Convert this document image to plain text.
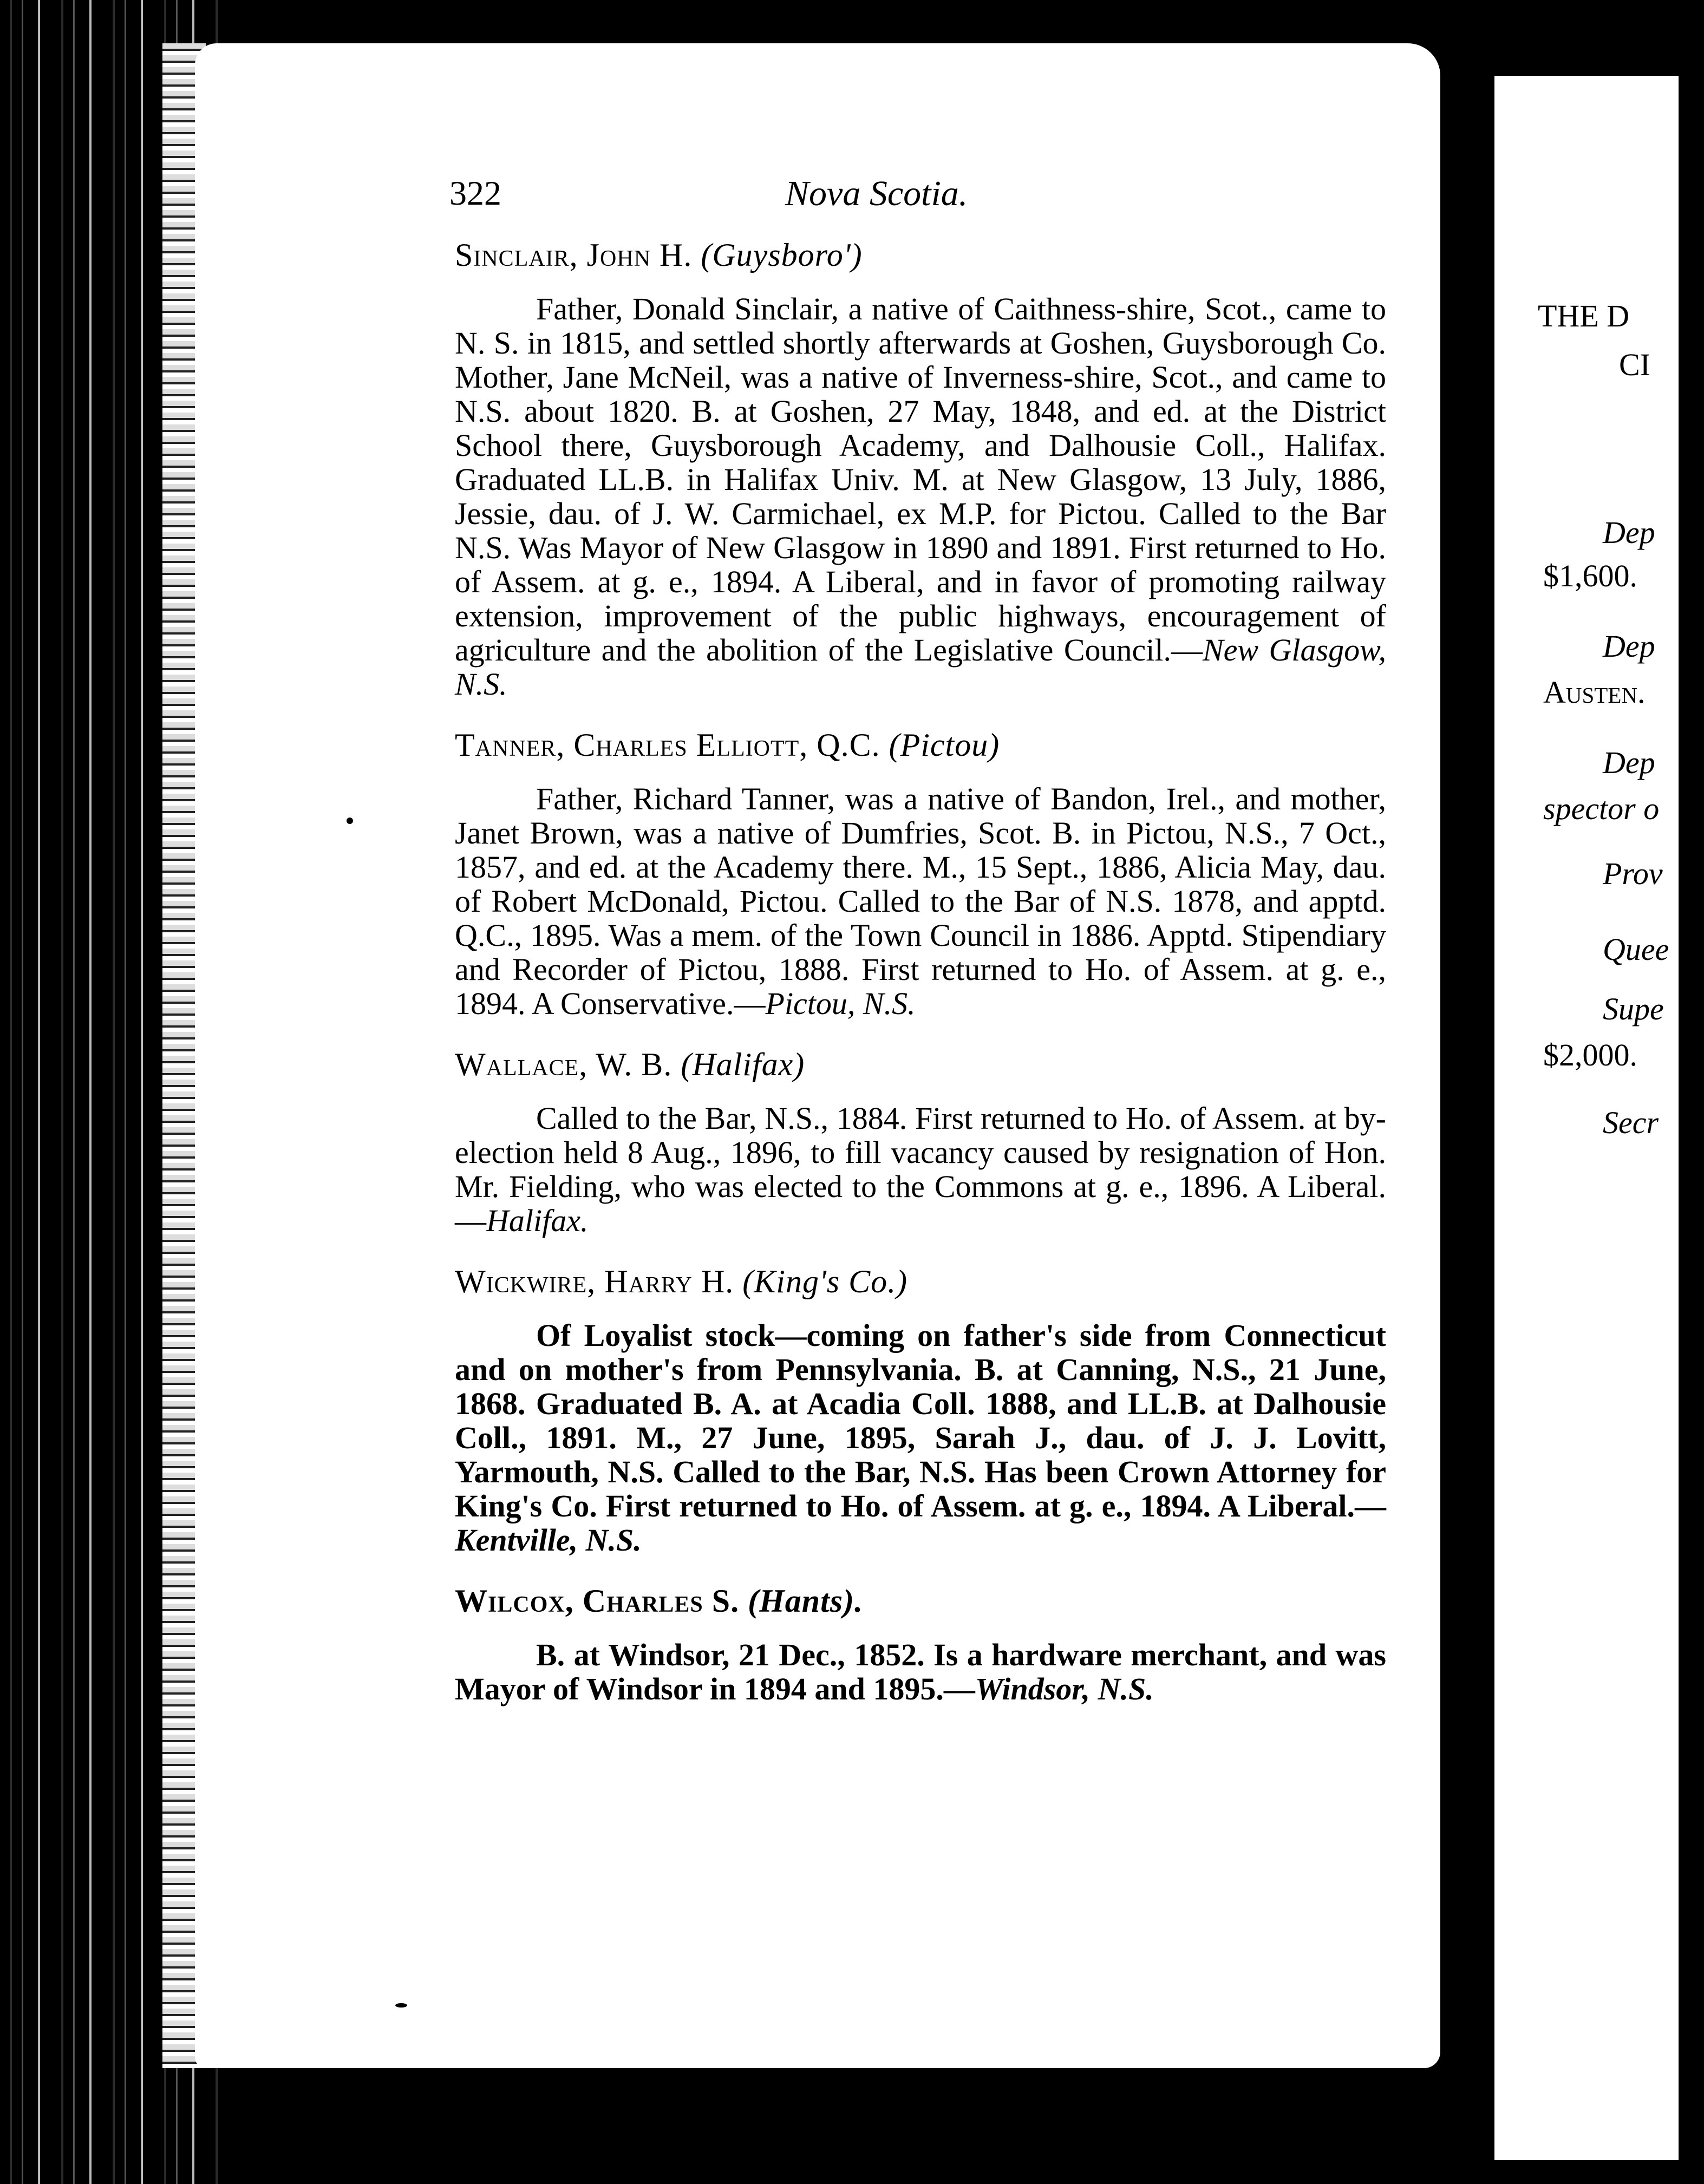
322	Nova Scotia.

Sinclair, John H. (Guysboro')

Father, Donald Sinclair, a native of Caithness-shire, Scot., came to N. S. in 1815, and settled shortly afterwards at Goshen, Guysborough Co. Mother, Jane McNeil, was a native of Inverness-shire, Scot., and came to N.S. about 1820. B. at Goshen, 27 May, 1848, and ed. at the District School there, Guysborough Academy, and Dalhousie Coll., Halifax. Graduated LL.B. in Halifax Univ. M. at New Glasgow, 13 July, 1886, Jessie, dau. of J. W. Carmichael, ex M.P. for Pictou. Called to the Bar N.S. Was Mayor of New Glasgow in 1890 and 1891. First returned to Ho. of Assem. at g. e., 1894. A Liberal, and in favor of promoting railway extension, improvement of the public highways, encouragement of agriculture and the abolition of the Legislative Council.—New Glasgow, N.S.

Tanner, Charles Elliott, Q.C. (Pictou)

Father, Richard Tanner, was a native of Bandon, Irel., and mother, Janet Brown, was a native of Dumfries, Scot. B. in Pictou, N.S., 7 Oct., 1857, and ed. at the Academy there. M., 15 Sept., 1886, Alicia May, dau. of Robert McDonald, Pictou. Called to the Bar of N.S. 1878, and apptd. Q.C., 1895. Was a mem. of the Town Council in 1886. Apptd. Stipendiary and Recorder of Pictou, 1888. First returned to Ho. of Assem. at g. e., 1894. A Conservative.—Pictou, N.S.

Wallace, W. B. (Halifax)

Called to the Bar, N.S., 1884. First returned to Ho. of Assem. at by-election held 8 Aug., 1896, to fill vacancy caused by resignation of Hon. Mr. Fielding, who was elected to the Commons at g. e., 1896. A Liberal.—Halifax.

Wickwire, Harry H. (King's Co.)

Of Loyalist stock—coming on father's side from Connecticut and on mother's from Pennsylvania. B. at Canning, N.S., 21 June, 1868. Graduated B. A. at Acadia Coll. 1888, and LL.B. at Dalhousie Coll., 1891. M., 27 June, 1895, Sarah J., dau. of J. J. Lovitt, Yarmouth, N.S. Called to the Bar, N.S. Has been Crown Attorney for King's Co. First returned to Ho. of Assem. at g. e., 1894. A Liberal.—Kentville, N.S.

Wilcox, Charles S. (Hants).

B. at Windsor, 21 Dec., 1852. Is a hardware merchant, and was Mayor of Windsor in 1894 and 1895.—Windsor, N.S.

THE D
CI
Dep
$1,600.
Dep
Austen.
Dep
spector o
Prov
Quee
Supe
$2,000.
Secr
